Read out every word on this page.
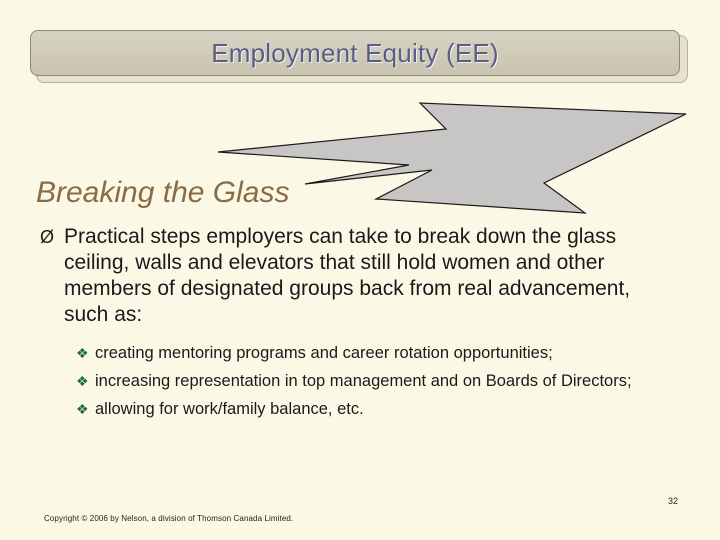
Employment Equity (EE)
Breaking the Glass
Ø Practical steps employers can take to break down the glass ceiling, walls and elevators that still hold women and other members of designated groups back from real advancement, such as:
❖ creating mentoring programs and career rotation opportunities;
❖ increasing representation in top management and on Boards of Directors;
❖ allowing for work/family balance, etc.
32
Copyright © 2006 by Nelson, a division of Thomson Canada Limited.
